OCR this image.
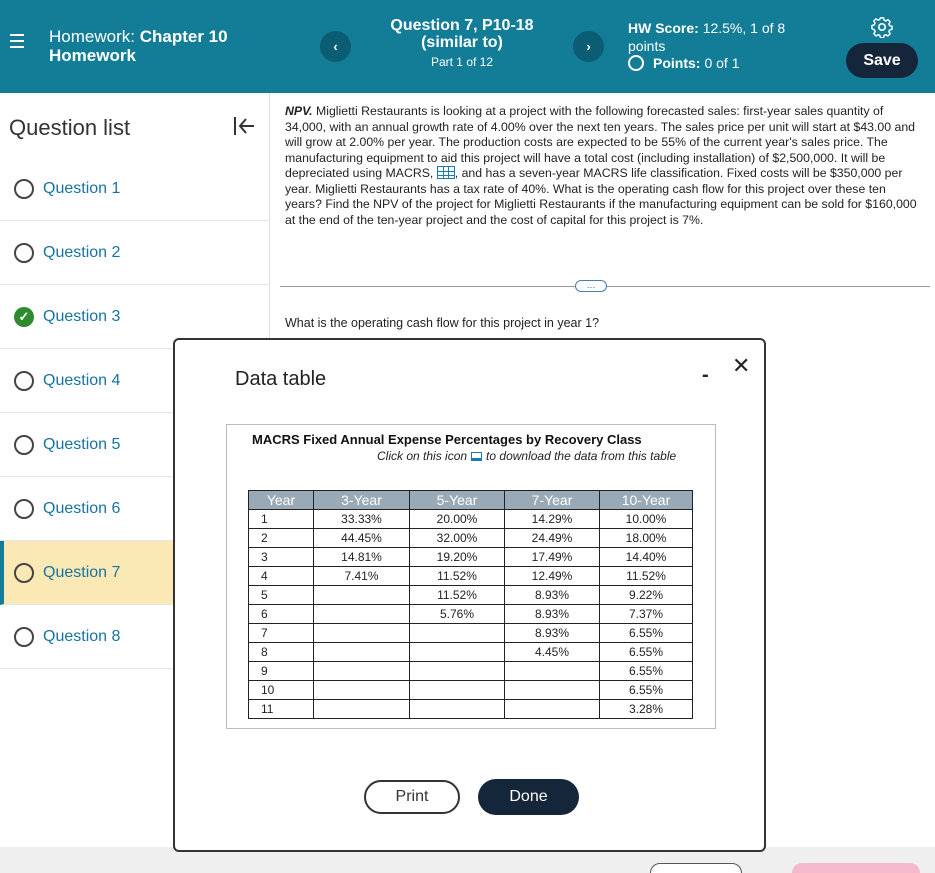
Homework: Chapter 10
Homework	‹
Question 7, P10-18
(similar to)
Part 1 of 12
›
HW Score: 12.5%, 1 of 8
points
Points: 0 of 1	Save
Question list
Question 1
Question 2
✓ Question 3
Question 4
Question 5
Question 6
Question 7
Question 8
NPV. Miglietti Restaurants is looking at a project with the following forecasted sales: first-year sales quantity of 34,000, with an annual growth rate of 4.00% over the next ten years. The sales price per unit will start at $43.00 and will grow at 2.00% per year. The production costs are expected to be 55% of the current year's sales price. The manufacturing equipment to aid this project will have a total cost (including installation) of $2,500,000. It will be depreciated using MACRS, , and has a seven-year MACRS life classification. Fixed costs will be $350,000 per year. Miglietti Restaurants has a tax rate of 40%. What is the operating cash flow for this project over these ten years? Find the NPV of the project for Miglietti Restaurants if the manufacturing equipment can be sold for $160,000 at the end of the ten-year project and the cost of capital for this project is 7%.
…
What is the operating cash flow for this project in year 1?
Data table	- ✕
MACRS Fixed Annual Expense Percentages by Recovery Class
Click on this icon to download the data from this table
Year	3-Year	5-Year	7-Year	10-Year
1	33.33%	20.00%	14.29%	10.00%
2	44.45%	32.00%	24.49%	18.00%
3	14.81%	19.20%	17.49%	14.40%
4	7.41%	11.52%	12.49%	11.52%
5		11.52%	8.93%	9.22%
6		5.76%	8.93%	7.37%
7			8.93%	6.55%
8			4.45%	6.55%
9				6.55%
10				6.55%
11				3.28%
Print	Done
